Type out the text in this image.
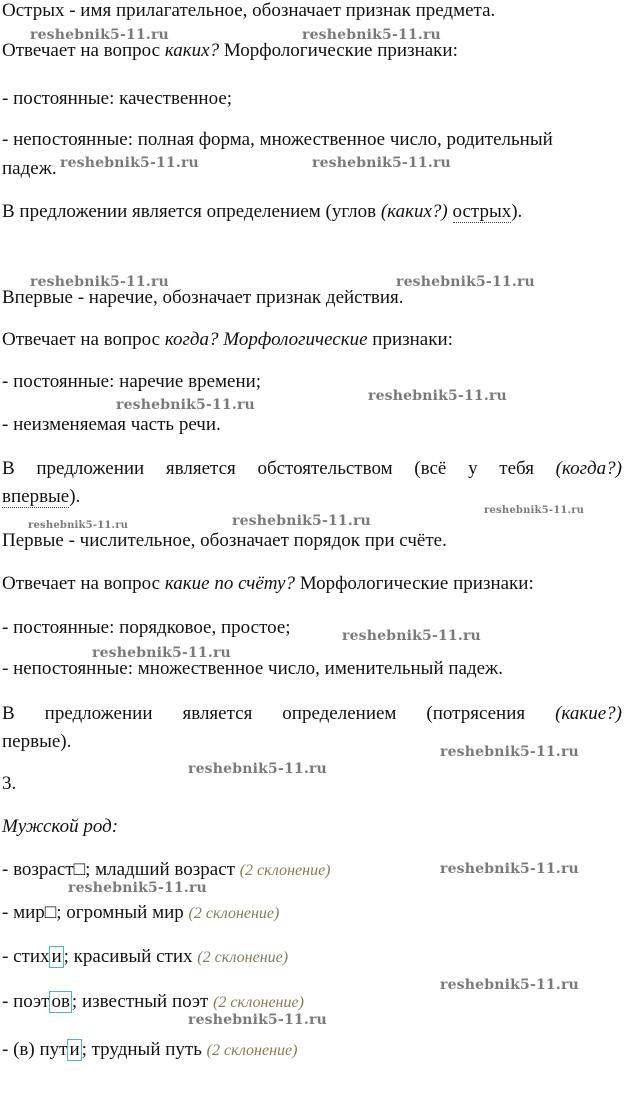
Острых - имя прилагательное, обозначает признак предмета.
Отвечает на вопрос каких? Морфологические признаки:
- постоянные: качественное;
- непостоянные: полная форма, множественное число, родительный
падеж.
В предложении является определением (углов (каких?) острых).
Впервые - наречие, обозначает признак действия.
Отвечает на вопрос когда? Морфологические признаки:
- постоянные: наречие времени;
- неизменяемая часть речи.
В предложении является обстоятельством (всё у тебя (когда?)
впервые).
Первые - числительное, обозначает порядок при счёте.
Отвечает на вопрос какие по счёту? Морфологические признаки:
- постоянные: порядковое, простое;
- непостоянные: множественное число, именительный падеж.
В предложении является определением (потрясения (какие?)
первые).
3.
Мужской род:
- возраст□; младший возраст (2 склонение)
- мир□; огромный мир (2 склонение)
- стих и ; красивый стих (2 склонение)
- поэт ов ; известный поэт (2 склонение)
- (в) пут и ; трудный путь (2 склонение)
reshebnik5-11.ru	reshebnik5-11.ru
reshebnik5-11.ru	reshebnik5-11.ru
reshebnik5-11.ru	reshebnik5-11.ru
reshebnik5-11.ru
reshebnik5-11.ru
reshebnik5-11.ru
reshebnik5-11.ru	reshebnik5-11.ru
reshebnik5-11.ru
reshebnik5-11.ru
reshebnik5-11.ru
reshebnik5-11.ru
reshebnik5-11.ru
reshebnik5-11.ru
reshebnik5-11.ru
reshebnik5-11.ru
